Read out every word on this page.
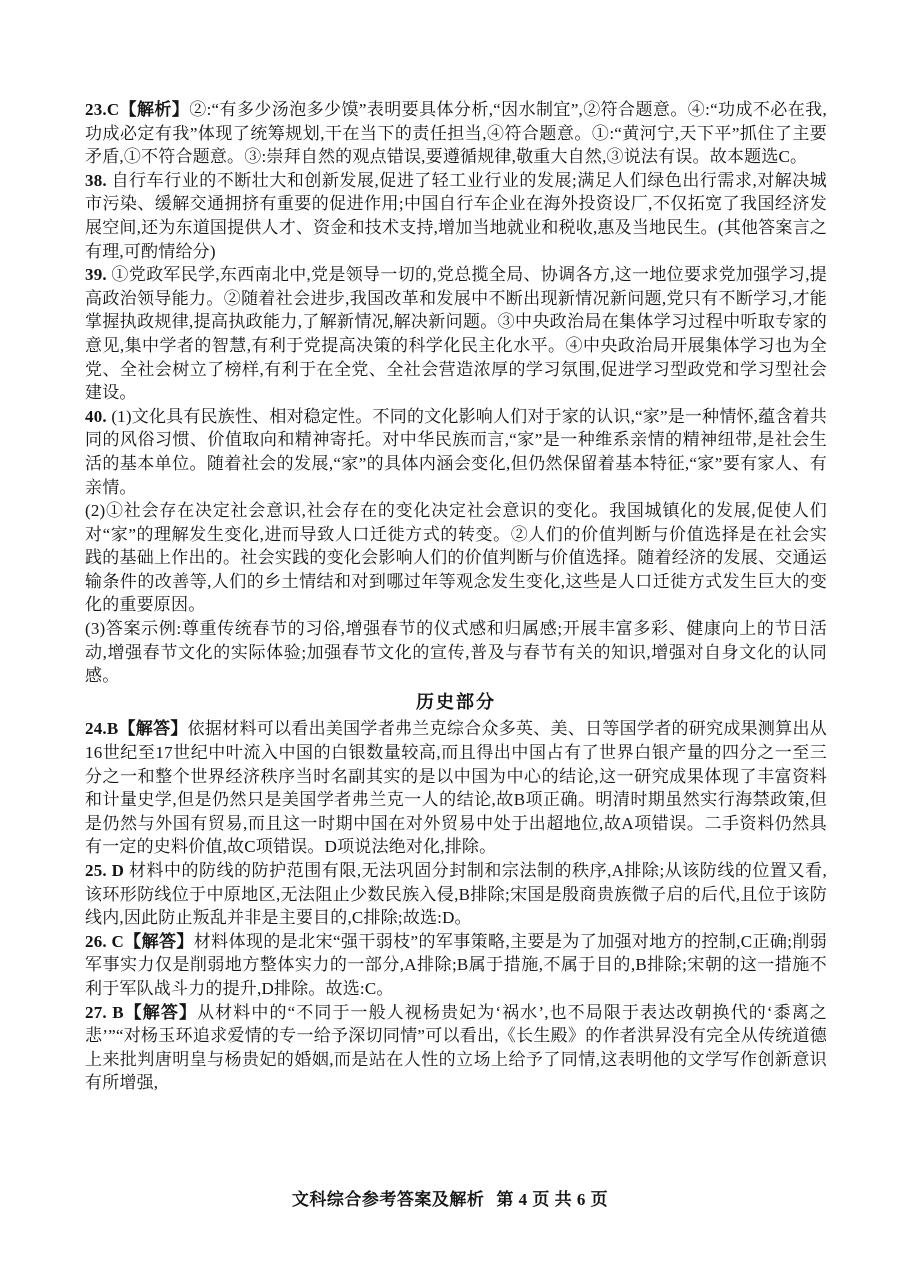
23.C【解析】②:“有多少汤泡多少馍”表明要具体分析,“因水制宜”,②符合题意。④:“功成不必在我,功成必定有我”体现了统筹规划,干在当下的责任担当,④符合题意。①:“黄河宁,天下平”抓住了主要矛盾,①不符合题意。③:崇拜自然的观点错误,要遵循规律,敬重大自然,③说法有误。故本题选C。

38. 自行车行业的不断壮大和创新发展,促进了轻工业行业的发展;满足人们绿色出行需求,对解决城市污染、缓解交通拥挤有重要的促进作用;中国自行车企业在海外投资设厂,不仅拓宽了我国经济发展空间,还为东道国提供人才、资金和技术支持,增加当地就业和税收,惠及当地民生。(其他答案言之有理,可酌情给分)

39. ①党政军民学,东西南北中,党是领导一切的,党总揽全局、协调各方,这一地位要求党加强学习,提高政治领导能力。②随着社会进步,我国改革和发展中不断出现新情况新问题,党只有不断学习,才能掌握执政规律,提高执政能力,了解新情况,解决新问题。③中央政治局在集体学习过程中听取专家的意见,集中学者的智慧,有利于党提高决策的科学化民主化水平。④中央政治局开展集体学习也为全党、全社会树立了榜样,有利于在全党、全社会营造浓厚的学习氛围,促进学习型政党和学习型社会建设。

40. (1)文化具有民族性、相对稳定性。不同的文化影响人们对于家的认识,“家”是一种情怀,蕴含着共同的风俗习惯、价值取向和精神寄托。对中华民族而言,“家”是一种维系亲情的精神纽带,是社会生活的基本单位。随着社会的发展,“家”的具体内涵会变化,但仍然保留着基本特征,“家”要有家人、有亲情。

(2)①社会存在决定社会意识,社会存在的变化决定社会意识的变化。我国城镇化的发展,促使人们对“家”的理解发生变化,进而导致人口迁徙方式的转变。②人们的价值判断与价值选择是在社会实践的基础上作出的。社会实践的变化会影响人们的价值判断与价值选择。随着经济的发展、交通运输条件的改善等,人们的乡土情结和对到哪过年等观念发生变化,这些是人口迁徙方式发生巨大的变化的重要原因。

(3)答案示例:尊重传统春节的习俗,增强春节的仪式感和归属感;开展丰富多彩、健康向上的节日活动,增强春节文化的实际体验;加强春节文化的宣传,普及与春节有关的知识,增强对自身文化的认同感。

历史部分

24.B【解答】依据材料可以看出美国学者弗兰克综合众多英、美、日等国学者的研究成果测算出从16世纪至17世纪中叶流入中国的白银数量较高,而且得出中国占有了世界白银产量的四分之一至三分之一和整个世界经济秩序当时名副其实的是以中国为中心的结论,这一研究成果体现了丰富资料和计量史学,但是仍然只是美国学者弗兰克一人的结论,故B项正确。明清时期虽然实行海禁政策,但是仍然与外国有贸易,而且这一时期中国在对外贸易中处于出超地位,故A项错误。二手资料仍然具有一定的史料价值,故C项错误。D项说法绝对化,排除。

25. D 材料中的防线的防护范围有限,无法巩固分封制和宗法制的秩序,A排除;从该防线的位置又看,该环形防线位于中原地区,无法阻止少数民族入侵,B排除;宋国是殷商贵族微子启的后代,且位于该防线内,因此防止叛乱并非是主要目的,C排除;故选:D。

26. C【解答】材料体现的是北宋“强干弱枝”的军事策略,主要是为了加强对地方的控制,C正确;削弱军事实力仅是削弱地方整体实力的一部分,A排除;B属于措施,不属于目的,B排除;宋朝的这一措施不利于军队战斗力的提升,D排除。故选:C。

27. B【解答】从材料中的“不同于一般人视杨贵妃为‘祸水’,也不局限于表达改朝换代的‘黍离之悲’”“对杨玉环追求爱情的专一给予深切同情”可以看出,《长生殿》的作者洪昇没有完全从传统道德上来批判唐明皇与杨贵妃的婚姻,而是站在人性的立场上给予了同情,这表明他的文学写作创新意识有所增强,

文科综合参考答案及解析 第 4 页 共 6 页
